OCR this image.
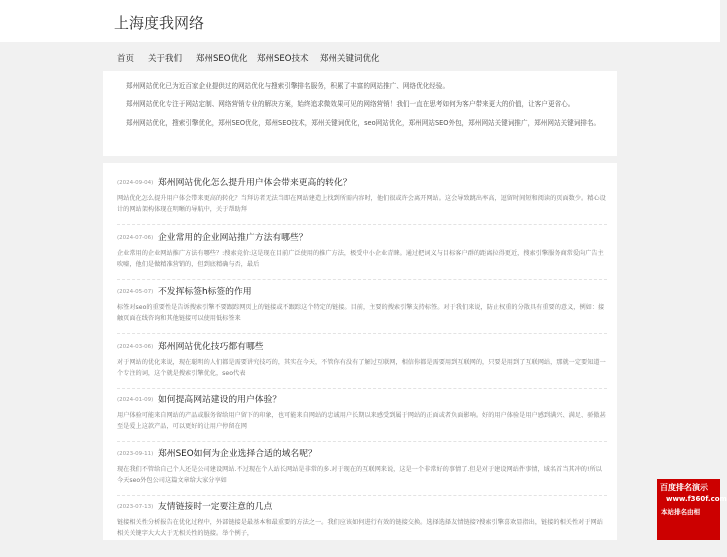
上海度我网络
首页 关于我们 郑州SEO优化 郑州SEO技术 郑州关键词优化

郑州网站优化已为近百家企业提供过的网站优化与搜索引擎排名服务，积累了丰富的网站推广、网络优化经验。

郑州网站优化专注于网站定制、网络营销专业的解决方案，始终追求微效果可见的网络营销！我们一直在思考如何为客户带来更大的价值，让客户更省心。

郑州网站优化，搜索引擎优化，郑州SEO优化，郑州SEO技术，郑州关键词优化，seo网站优化，郑州网站SEO外包，郑州网站关键词推广，郑州网站关键词排名。

(2024-09-04) 郑州网站优化怎么提升用户体会带来更高的转化？

网站优化怎么提升用户体会带来更高的转化？当拜访者无法当即在网站建造上找到所需内容时，他们很或许会离开网站。这会导致跳出率高，逗留时间短和阅读的页面数少。精心设计的网站架构体现在明晰的导航中，关于帮助拜

(2024-07-06) 企业常用的企业网站推广方法有哪些？

企业常用的企业网站推广方法有哪些？:搜索竞价:这是现在目前广泛使用的推广方法，极受中小企业青睐。通过把词义与目标客户群的距离拉得更近，搜索引擎服务商常爱向广告主吹嘘，他们是做精准营销的，但到底精确与否，最后

(2024-05-07) 不发挥标签h标签的作用

标签对seo的重要性是告诉搜索引擎不要跟踪网页上的链接或不跟踪这个特定的链接。目前，主要的搜索引擎支持标签。对于我们来说，防止权重的分散具有重要的意义，例如：接触页面在线咨询和其他链接可以使用低标签来

(2024-03-06) 郑州网站优化技巧都有哪些

对于网站的优化来说，现在聪明的人们都是需要讲究技巧的，其实在今天，不管你有没有了解过互联网，相信你都是需要用到互联网的，只要是用到了互联网站，那就一定要知道一个专注的词，这个就是搜索引擎优化，seo代表

(2024-01-09) 如何提高网站建设的用户体验？

用户体验可能来自网站的产品或服务留给用户留下的印象，也可能来自网站的忠诚用户长期以来感受到属于网站的正面或者负面影响。好的用户体验是用户感到满兴、满足、骄傲甚至是爱上这款产品，可以更好的让用户停留在网

(2023-09-11) 郑州SEO如何为企业选择合适的域名呢？

现在我们不管给自己个人还是公司建设网站.不过现在个人站长网站是非常的多.对于现在的互联网来说，这是一个非常好的事情了.但是对于建设网站件事情，域名首当其冲的!所以今天seo外包公司这篇文章给大家分享如

(2023-07-13) 友情链接时一定要注意的几点

链接相关性分析报告在优化过程中，外部链接是最基本和最重要的方法之一。我们应该如何进行有效的链接交换。选择选择友情链接?搜索引擎喜欢显指出，链接的相关性对于网站相关关键字大大大于无相关性的链接。举个例子，

百度排名演示
www.f360f.com
本站排名由相
